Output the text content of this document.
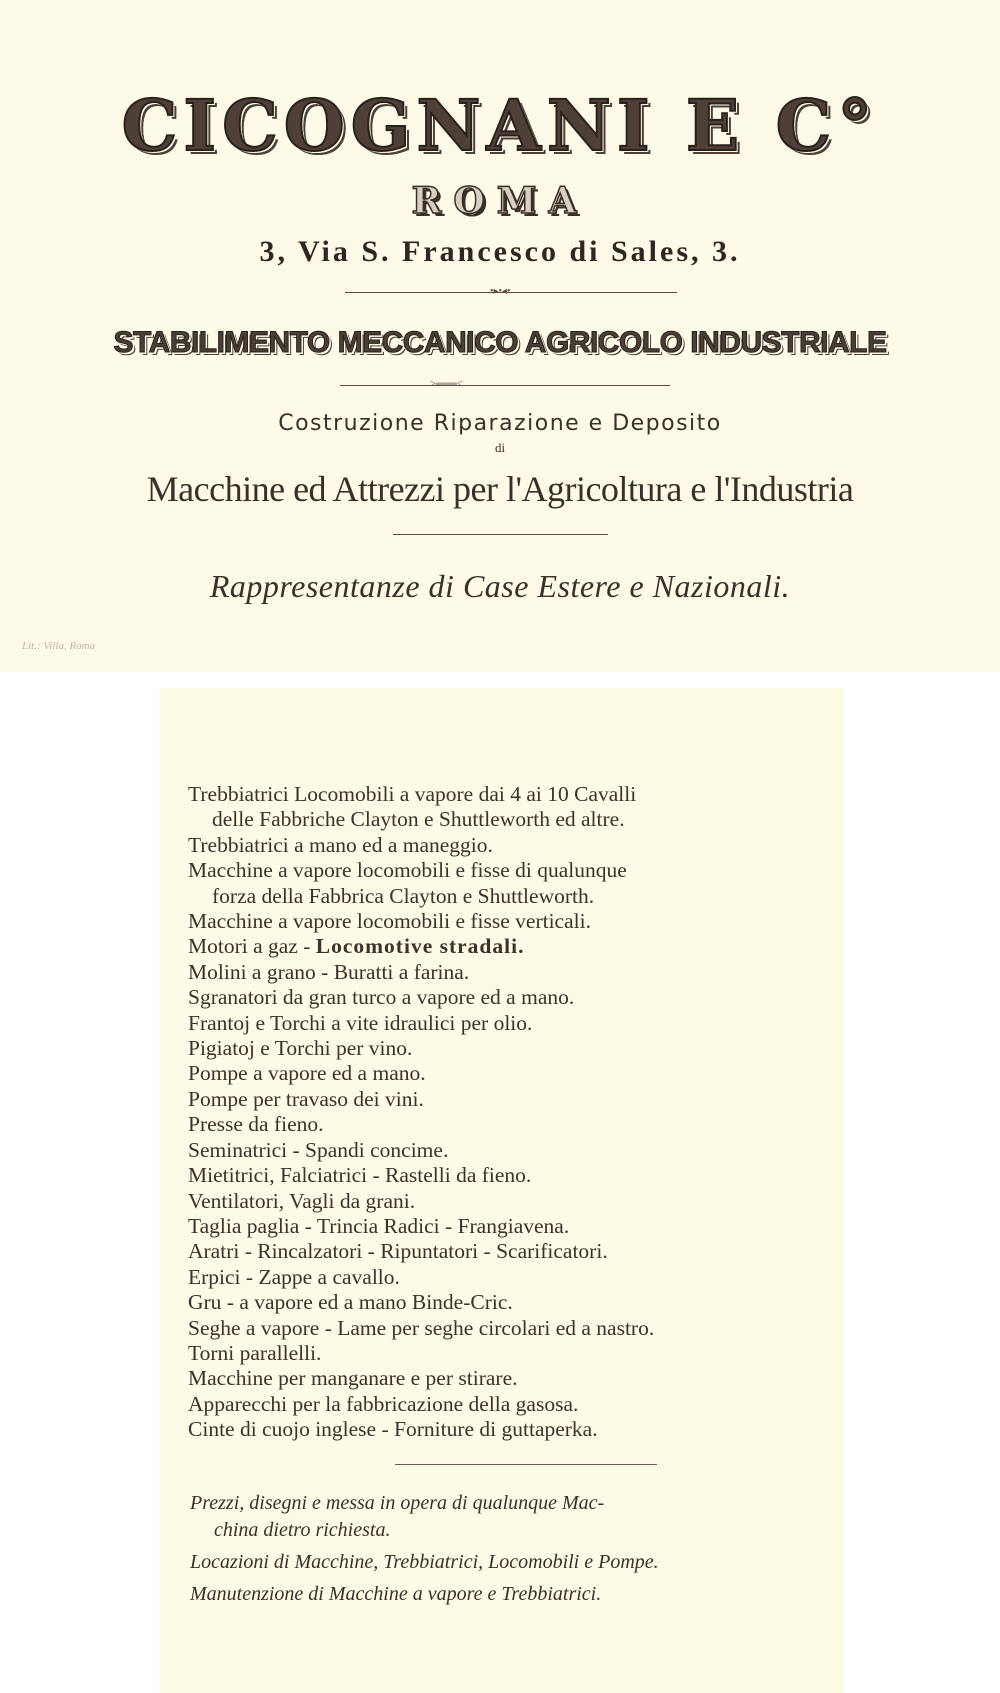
CICOGNANI E C°
ROMA
3, Via S. Francesco di Sales, 3.
•▸•◂•
STABILIMENTO MECCANICO AGRICOLO INDUSTRIALE
>═══<
Costruzione Riparazione e Deposito
di
Macchine ed Attrezzi per l'Agricoltura e l'Industria
Rappresentanze di Case Estere e Nazionali.
Lit.: Villa, Roma
Trebbiatrici Locomobili a vapore dai 4 ai 10 Cavalli
delle Fabbriche Clayton e Shuttleworth ed altre.
Trebbiatrici a mano ed a maneggio.
Macchine a vapore locomobili e fisse di qualunque
forza della Fabbrica Clayton e Shuttleworth.
Macchine a vapore locomobili e fisse verticali.
Motori a gaz - Locomotive stradali.
Molini a grano - Buratti a farina.
Sgranatori da gran turco a vapore ed a mano.
Frantoj e Torchi a vite idraulici per olio.
Pigiatoj e Torchi per vino.
Pompe a vapore ed a mano.
Pompe per travaso dei vini.
Presse da fieno.
Seminatrici - Spandi concime.
Mietitrici, Falciatrici - Rastelli da fieno.
Ventilatori, Vagli da grani.
Taglia paglia - Trincia Radici - Frangiavena.
Aratri - Rincalzatori - Ripuntatori - Scarificatori.
Erpici - Zappe a cavallo.
Gru - a vapore ed a mano Binde-Cric.
Seghe a vapore - Lame per seghe circolari ed a nastro.
Torni parallelli.
Macchine per manganare e per stirare.
Apparecchi per la fabbricazione della gasosa.
Cinte di cuojo inglese - Forniture di guttaperka.
Prezzi, disegni e messa in opera di qualunque Mac-
china dietro richiesta.
Locazioni di Macchine, Trebbiatrici, Locomobili e Pompe.
Manutenzione di Macchine a vapore e Trebbiatrici.
